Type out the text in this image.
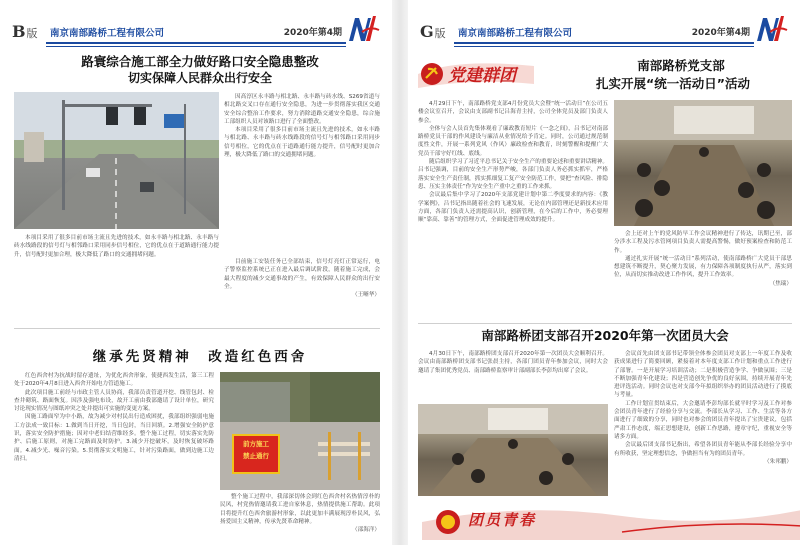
B版 南京南部路桥工程有限公司	2020年第4期
路寰综合施工部全力做好路口安全隐患整改
切实保障人民群众出行安全

因高淳区永丰路与相北路、永丰路与砖水线、S269省道与相北路交叉口存在通行安全隐患，为进一步贯彻落实我区交通安全综合整治工作要求，努力消除道路交通安全隐患，综合施工部组织人员对该路口进行了全面整改。

本项目采用了很多目前市场主流且先进的技术，如永丰路与相北路、永丰路与砖水线路段的信号灯与相邻路口采用同步信号相位，它的优点在于道路通行能力提升，信号配时更加合理，极大降低了路口的交通拥堵问题。

本项目采用了很多目前市场主流且先进的技术，如永丰路与相北路、永丰路与砖水线路段的信号灯与相邻路口采用同步信号相位，它的优点在于道路通行能力提升，信号配时更加合理，极大降低了路口的交通拥堵问题。

目前施工安装任务已全部结束，信号灯亮灯正常运行，电子警察监控系统已正在进入最后调试阶段，随着施工完成，会最大程度的减少交通事故的产生，有效保障人民群众的出行安全。

（王晰华）
继承先贤精神　改造红色西舍

红色西舍村为抗战时留存遗址，为优化西舍形象，使捷西发生活，第三工程处于2020年4月8日进入西舍开始电力管道施工。

此次项目施工前经与市政主管人员协商，我部员责管道开挖、线管包封、检查井砌筑、路面恢复。因涉及强电布设，故开工前由我部邀请了设计单位，研究讨论现实情况与图纸冲突之处并提出可实施的变更方案。

因施工路面窄为中小路，故为减少对村民出行造成困扰，我部组织强弱电施工方法成一致目标：1.做到当日开挖，当日包封，当日回填。2.增强安全防护意识，落实安全防护措施；因对中老妇结营维经多。整个施工过程，切实落实先防护、后施工原则，对施工完路面及时防护。3.减少开挖破坏，及时恢复破坏路面。4.减少光、噪音污染。5.贯彻落实文明施工，针对污染路面，做到边施工边清扫。

前方施工
禁止通行

整个施工过程中，我部深切体会到红色西舍村名热情淳朴的民风，村党热情邀请我工进自家休息，热情提供施工帮助。此项目将提升红色西舍旅游村形象，以此更加丰满展现淳朴民风，弘扬爱国主义精神，传承先贤革命精神。

（邵海洋）
G版 南京南部路桥工程有限公司	2020年第4期
党建群团
南部路桥党支部
扎实开展“统一活动日”活动

4月29日下午，南部路桥党支部4月份党员大会暨“统一活动日”在公司五楼会议室召开，会议由支部副书记吕海青主持，公司全体党员及部门负责人参会。

全体与会人员首先集体观看了廉政教育短片《一念之间》，吕书记对南部路桥党员干部的作风建设与廉洁从业情况给予肯定。同时，公司通过规范制度性文件，开展一系列党风（作风）廉政检查和教育，时刻警醒和提醒广大党员干部守好红线、底线。

随后组织学习了习近平总书记关于安全生产的重要论述和重要讲话精神。吕书记强调，目前的安全生产形势严峻，各部门负责人务必抓实抓牢，严格落实安全生产责任制，抓实抓细复工复产安全防范工作，要把“查风险、排隐患、压实主体责任”作为安全生产重中之重的工作来抓。

会议最后集中学习了2020年支部党建计划中第二季度要求的内容：《教学案例》，吕书记指出随着社会的飞速发展，无论在内部管理还是新技术应用方面，各部门负责人还需提高认识，创新管理，在今后的工作中，务必要理顺“靠高、靠善”的管理方式，全面促进管理成效的提升。

会上还对上午的党风防早工作会议精神进行了传达，讯期已至，部分涉水工程及污水管网项目负责人需提高警惕，做好预案检查和防范工作。

通过扎实开展“统一活动日”系列活动，使南部路桥广大党员干部思想建筑不断提升，契心聚力发展，有力保障各项制度执行从严，落实到位，从而切实推动改进工作作风，提升工作效率。

（焦瑞）
南部路桥团支部召开2020年第一次团员大会

4月30日下午，南部路桥团支部召开2020年第一次团员大会顺利召开。会议由南部路桥团支部书记张晨主持，各部门团员青年参加会议，同时大会邀请了集团优秀党员、南部路桥监察审计部副部长李彭均出席了会议。

会议首先由团支部书记带领全体参会团员对支部上一年度工作及收获成果进行了简要回顾，紧接着对本年度支部工作计划和重点工作进行了部署。一是开展学习培训活动；二是积极营造争学、争做氛围；三是不断加强青年化建设；四是营造创先争优的良好氛围，持续开展青年先进评选活动。同时会议也对支部今年拟组织举办的团员活动进行了摸底与考量。

工作计划宣贯结束后，大会邀请李彭均部长就平时学习及工作对参会团员青年进行了经验分享与交流。李部长从学习、工作、生活等各方面进行了细致的分享，同时也对参会的团员青年提出了宝贵建议，包括严肃工作态度，端正思想建设，创新工作思路，遵章守纪，重视安全等诸多方面。

会议最后团支部书记指出，希望各团员青年能从李部长经验分享中有所收获，坚定理想信念，争做担当有为的团员青年。

（朱邦鹏）
团员青春
